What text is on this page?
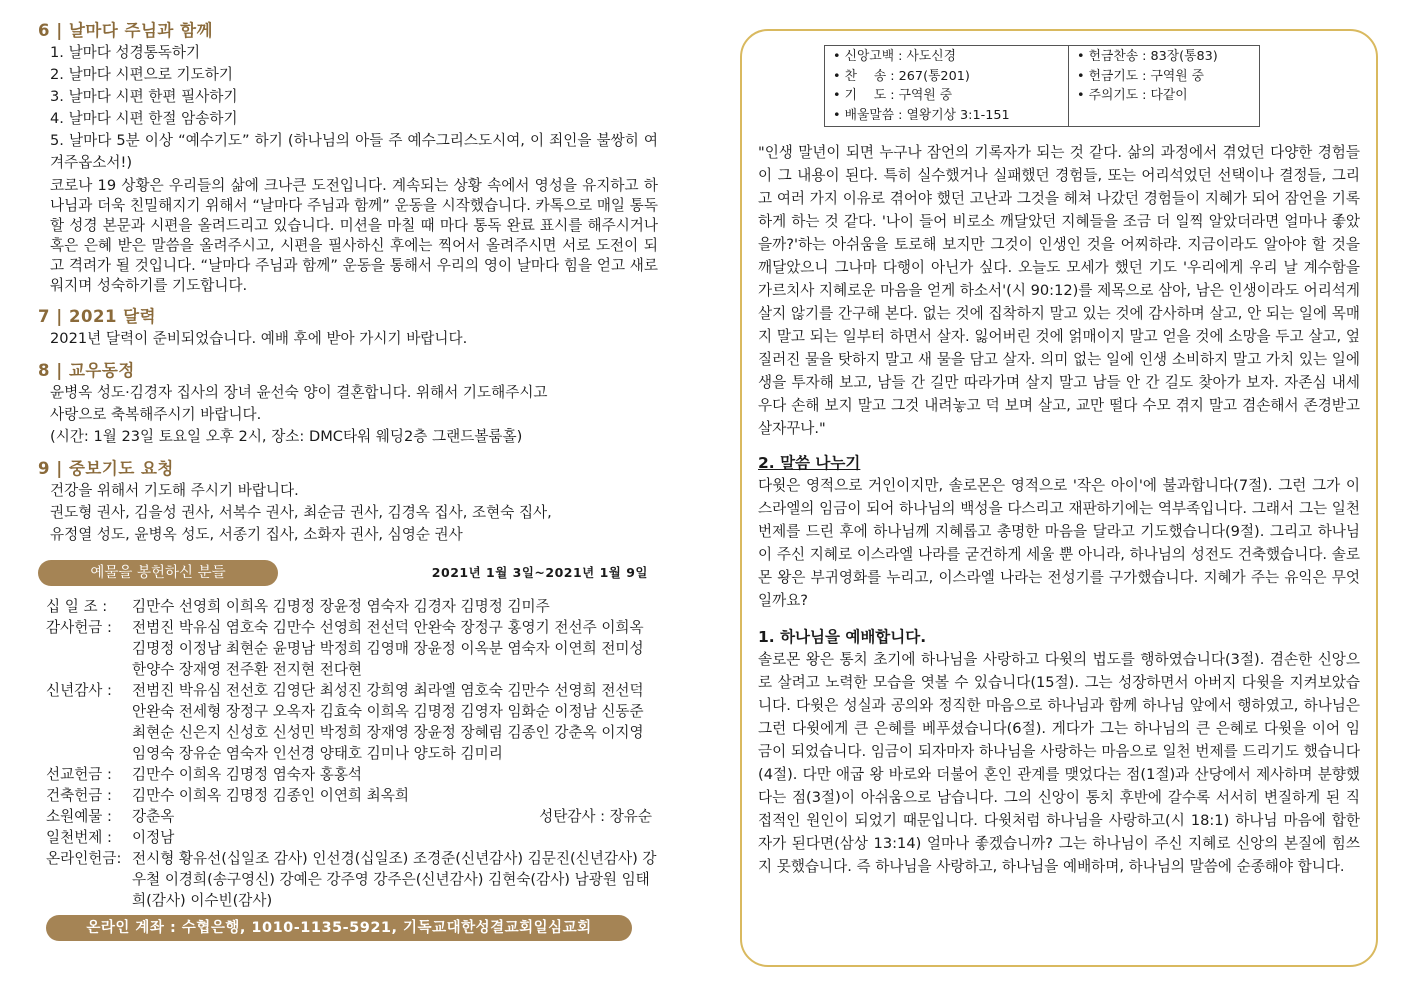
6 | 날마다 주님과 함께
1. 날마다 성경통독하기
2. 날마다 시편으로 기도하기
3. 날마다 시편 한편 필사하기
4. 날마다 시편 한절 암송하기
5. 날마다 5분 이상 “예수기도” 하기 (하나님의 아들 주 예수그리스도시여, 이 죄인을 불쌍히 여겨주옵소서!)

코로나 19 상황은 우리들의 삶에 크나큰 도전입니다. 계속되는 상황 속에서 영성을 유지하고 하나님과 더욱 친밀해지기 위해서 “날마다 주님과 함께” 운동을 시작했습니다. 카톡으로 매일 통독할 성경 본문과 시편을 올려드리고 있습니다. 미션을 마칠 때 마다 통독 완료 표시를 해주시거나 혹은 은혜 받은 말씀을 올려주시고, 시편을 필사하신 후에는 찍어서 올려주시면 서로 도전이 되고 격려가 될 것입니다. “날마다 주님과 함께” 운동을 통해서 우리의 영이 날마다 힘을 얻고 새로워지며 성숙하기를 기도합니다.

7 | 2021 달력
2021년 달력이 준비되었습니다. 예배 후에 받아 가시기 바랍니다.
8 | 교우동정
윤병옥 성도·김경자 집사의 장녀 윤선숙 양이 결혼합니다. 위해서 기도해주시고
사랑으로 축복해주시기 바랍니다.
(시간: 1월 23일 토요일 오후 2시, 장소: DMC타워 웨딩2층 그랜드볼룸홀)
9 | 중보기도 요청
건강을 위해서 기도해 주시기 바랍니다.
권도형 권사, 김을성 권사, 서복수 권사, 최순금 권사, 김경옥 집사, 조현숙 집사,
유정열 성도, 윤병옥 성도, 서종기 집사, 소화자 권사, 심영순 권사
예물을 봉헌하신 분들	2021년 1월 3일~2021년 1월 9일
십 일 조 :	김만수 선영희 이희옥 김명정 장윤정 염숙자 김경자 김명정 김미주
감사헌금 :	전범진 박유심 염호숙 김만수 선영희 전선덕 안완숙 장정구 홍영기 전선주 이희옥 김명정 이정남 최현순 윤명남 박정희 김영매 장윤정 이옥분 염숙자 이연희 전미성 한양수 장재영 전주환 전지현 전다현
신년감사 :	전범진 박유심 전선호 김영단 최성진 강희영 최라엘 염호숙 김만수 선영희 전선덕 안완숙 전세형 장정구 오옥자 김효숙 이희옥 김명정 김영자 임화순 이정남 신동준 최현순 신은지 신성호 신성민 박정희 장재영 장윤정 장혜림 김종인 강춘옥 이지영 임영숙 장유순 염숙자 인선경 양태호 김미나 양도하 김미리
선교헌금 :	김만수 이희옥 김명정 염숙자 홍홍석
건축헌금 :	김만수 이희옥 김명정 김종인 이연희 최옥희
소원예물 :	강춘옥	성탄감사 : 장유순
일천번제 :	이정남
온라인헌금: 전시형 황유선(십일조 감사) 인선경(십일조) 조경준(신년감사) 김문진(신년감사) 강우철 이경희(송구영신) 강예은 강주영 강주은(신년감사) 김현숙(감사) 남광원 임태희(감사) 이수빈(감사)
온라인 계좌 : 수협은행, 1010-1135-5921, 기독교대한성결교회일심교회
• 신앙고백 : 사도신경
• 찬　 송 : 267(통201)
• 기　 도 : 구역원 중
• 배울말씀 : 열왕기상 3:1-151
• 헌금찬송 : 83장(통83)
• 헌금기도 : 구역원 중
• 주의기도 : 다같이

"인생 말년이 되면 누구나 잠언의 기록자가 되는 것 같다. 삶의 과정에서 겪었던 다양한 경험들이 그 내용이 된다. 특히 실수했거나 실패했던 경험들, 또는 어리석었던 선택이나 결정들, 그리고 여러 가지 이유로 겪어야 했던 고난과 그것을 헤쳐 나갔던 경험들이 지혜가 되어 잠언을 기록하게 하는 것 같다. '나이 들어 비로소 깨달았던 지혜들을 조금 더 일찍 알았더라면 얼마나 좋았을까?'하는 아쉬움을 토로해 보지만 그것이 인생인 것을 어찌하랴. 지금이라도 알아야 할 것을 깨달았으니 그나마 다행이 아닌가 싶다. 오늘도 모세가 했던 기도 '우리에게 우리 날 계수함을 가르치사 지혜로운 마음을 얻게 하소서'(시 90:12)를 제목으로 삼아, 남은 인생이라도 어리석게 살지 않기를 간구해 본다. 없는 것에 집착하지 말고 있는 것에 감사하며 살고, 안 되는 일에 목매지 말고 되는 일부터 하면서 살자. 잃어버린 것에 얽매이지 말고 얻을 것에 소망을 두고 살고, 엎질러진 물을 탓하지 말고 새 물을 담고 살자. 의미 없는 일에 인생 소비하지 말고 가치 있는 일에 생을 투자해 보고, 남들 간 길만 따라가며 살지 말고 남들 안 간 길도 찾아가 보자. 자존심 내세우다 손해 보지 말고 그것 내려놓고 덕 보며 살고, 교만 떨다 수모 겪지 말고 겸손해서 존경받고 살자꾸나."

2. 말씀 나누기

다윗은 영적으로 거인이지만, 솔로몬은 영적으로 '작은 아이'에 불과합니다(7절). 그런 그가 이스라엘의 임금이 되어 하나님의 백성을 다스리고 재판하기에는 역부족입니다. 그래서 그는 일천 번제를 드린 후에 하나님께 지혜롭고 총명한 마음을 달라고 기도했습니다(9절). 그리고 하나님이 주신 지혜로 이스라엘 나라를 굳건하게 세울 뿐 아니라, 하나님의 성전도 건축했습니다. 솔로몬 왕은 부귀영화를 누리고, 이스라엘 나라는 전성기를 구가했습니다. 지혜가 주는 유익은 무엇일까요?

1. 하나님을 예배합니다.

솔로몬 왕은 통치 초기에 하나님을 사랑하고 다윗의 법도를 행하였습니다(3절). 겸손한 신앙으로 살려고 노력한 모습을 엿볼 수 있습니다(15절). 그는 성장하면서 아버지 다윗을 지켜보았습니다. 다윗은 성실과 공의와 정직한 마음으로 하나님과 함께 하나님 앞에서 행하였고, 하나님은 그런 다윗에게 큰 은혜를 베푸셨습니다(6절). 게다가 그는 하나님의 큰 은혜로 다윗을 이어 임금이 되었습니다. 임금이 되자마자 하나님을 사랑하는 마음으로 일천 번제를 드리기도 했습니다(4절). 다만 애굽 왕 바로와 더불어 혼인 관계를 맺었다는 점(1절)과 산당에서 제사하며 분향했다는 점(3절)이 아쉬움으로 남습니다. 그의 신앙이 통치 후반에 갈수록 서서히 변질하게 된 직접적인 원인이 되었기 때문입니다. 다윗처럼 하나님을 사랑하고(시 18:1) 하나님 마음에 합한 자가 된다면(삼상 13:14) 얼마나 좋겠습니까? 그는 하나님이 주신 지혜로 신앙의 본질에 힘쓰지 못했습니다. 즉 하나님을 사랑하고, 하나님을 예배하며, 하나님의 말씀에 순종해야 합니다.
